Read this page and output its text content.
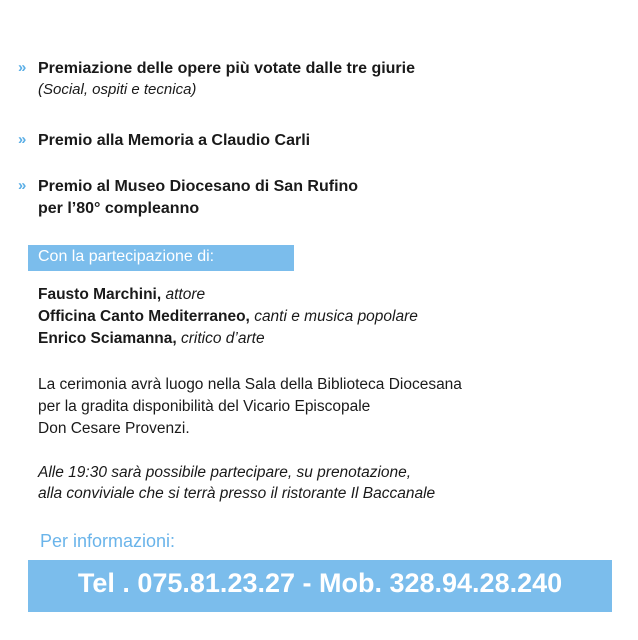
» Premiazione delle opere più votate dalle tre giurie
(Social, ospiti e tecnica)
» Premio alla Memoria a Claudio Carli
» Premio al Museo Diocesano di San Rufino
per l’80° compleanno
Con la partecipazione di:
Fausto Marchini, attore
Officina Canto Mediterraneo, canti e musica popolare
Enrico Sciamanna, critico d’arte
La cerimonia avrà luogo nella Sala della Biblioteca Diocesana
per la gradita disponibilità del Vicario Episcopale
Don Cesare Provenzi.
Alle 19:30 sarà possibile partecipare, su prenotazione,
alla conviviale che si terrà presso il ristorante Il Baccanale
Per informazioni:
Tel . 075.81.23.27 - Mob. 328.94.28.240
